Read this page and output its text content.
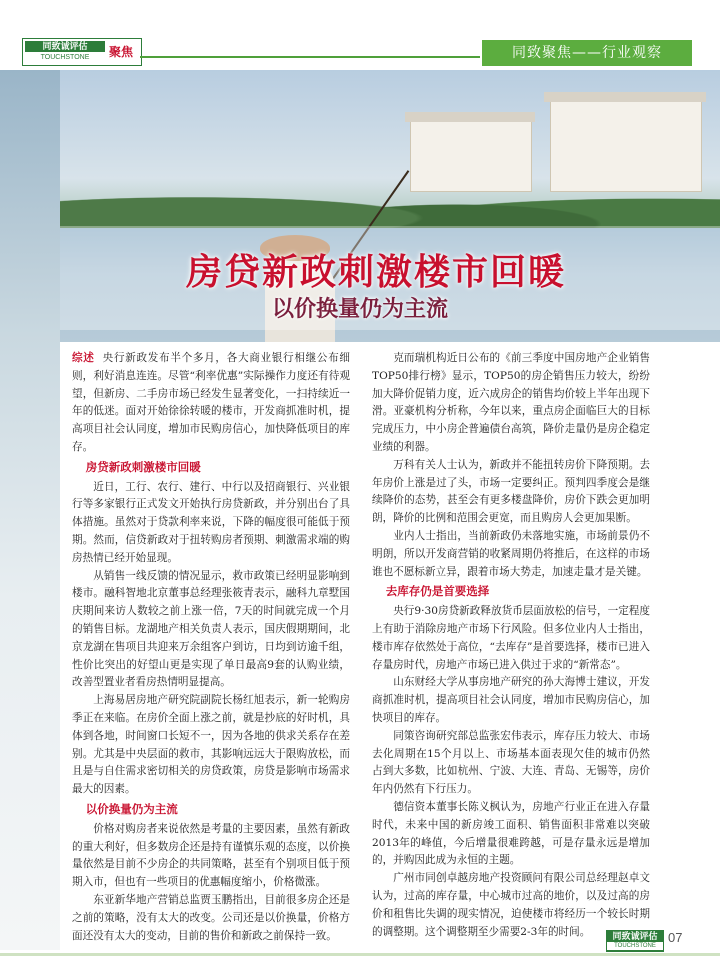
同致诚评估
TOUCHSTONE	聚焦	同致聚焦——行业观察
房贷新政刺激楼市回暖
以价换量仍为主流

综述 央行新政发布半个多月，各大商业银行相继公布细则，利好消息连连。尽管“利率优惠”实际操作力度还有待观望，但新房、二手房市场已经发生显著变化，一扫持续近一年的低迷。面对开始徐徐转暖的楼市，开发商抓准时机，提高项目社会认同度，增加市民购房信心，加快降低项目的库存。

房贷新政刺激楼市回暖

近日，工行、农行、建行、中行以及招商银行、兴业银行等多家银行正式发文开始执行房贷新政，并分别出台了具体措施。虽然对于贷款利率来说，下降的幅度很可能低于预期。然而，信贷新政对于扭转购房者预期、刺激需求端的购房热情已经开始显现。

从销售一线反馈的情况显示，救市政策已经明显影响到楼市。融科智地北京董事总经理张筱青表示，融科九章墅国庆期间来访人数较之前上涨一倍，7天的时间就完成一个月的销售目标。龙湖地产相关负责人表示，国庆假期期间，北京龙湖在售项目共迎来万余组客户到访，日均到访逾千组，性价比突出的好望山更是实现了单日最高9套的认购业绩，改善型置业者看房热情明显提高。

上海易居房地产研究院副院长杨红旭表示，新一轮购房季正在来临。在房价全面上涨之前，就是抄底的好时机，具体到各地，时间窗口长短不一，因为各地的供求关系存在差别。尤其是中央层面的救市，其影响远远大于限购放松，而且是与自住需求密切相关的房贷政策，房贷是影响市场需求最大的因素。

以价换量仍为主流

价格对购房者来说依然是考量的主要因素，虽然有新政的重大利好，但多数房企还是持有谨慎乐观的态度，以价换量依然是目前不少房企的共同策略，甚至有个别项目低于预期入市，但也有一些项目的优惠幅度缩小，价格微涨。

东亚新华地产营销总监贾玉鹏指出，目前很多房企还是之前的策略，没有太大的改变。公司还是以价换量，价格方面还没有太大的变动，目前的售价和新政之前保持一致。

克而瑞机构近日公布的《前三季度中国房地产企业销售TOP50排行榜》显示，TOP50的房企销售压力较大，纷纷加大降价促销力度，近六成房企的销售均价较上半年出现下滑。亚豪机构分析称，今年以来，重点房企面临巨大的目标完成压力，中小房企普遍债台高筑，降价走量仍是房企稳定业绩的利器。

万科有关人士认为，新政并不能扭转房价下降预期。去年房价上涨是过了头，市场一定要纠正。预判四季度会是继续降价的态势，甚至会有更多楼盘降价，房价下跌会更加明朗，降价的比例和范围会更宽，而且购房人会更加果断。

业内人士指出，当前新政仍未落地实施，市场前景仍不明朗，所以开发商营销的收紧周期仍将推后，在这样的市场谁也不愿标新立异，跟着市场大势走，加速走量才是关键。

去库存仍是首要选择

央行9·30房贷新政释放货币层面放松的信号，一定程度上有助于消除房地产市场下行风险。但多位业内人士指出，楼市库存依然处于高位，“去库存”是首要选择，楼市已进入存量房时代，房地产市场已进入供过于求的“新常态”。

山东财经大学从事房地产研究的孙大海博士建议，开发商抓准时机，提高项目社会认同度，增加市民购房信心，加快项目的库存。

同策咨询研究部总监张宏伟表示，库存压力较大、市场去化周期在15个月以上、市场基本面表现欠佳的城市仍然占到大多数，比如杭州、宁波、大连、青岛、无锡等，房价年内仍然有下行压力。

德信资本董事长陈义枫认为，房地产行业正在进入存量时代，未来中国的新房竣工面积、销售面积非常难以突破2013年的峰值，今后增量很难跨越，可是存量永远是增加的，并购因此成为永恒的主题。

广州市同创卓越房地产投资顾问有限公司总经理赵卓文认为，过高的库存量，中心城市过高的地价，以及过高的房价和租售比失调的现实情况，迫使楼市将经历一个较长时期的调整期。这个调整期至少需要2-3年的时间。	同致诚评估
TOUCHSTONE
07
